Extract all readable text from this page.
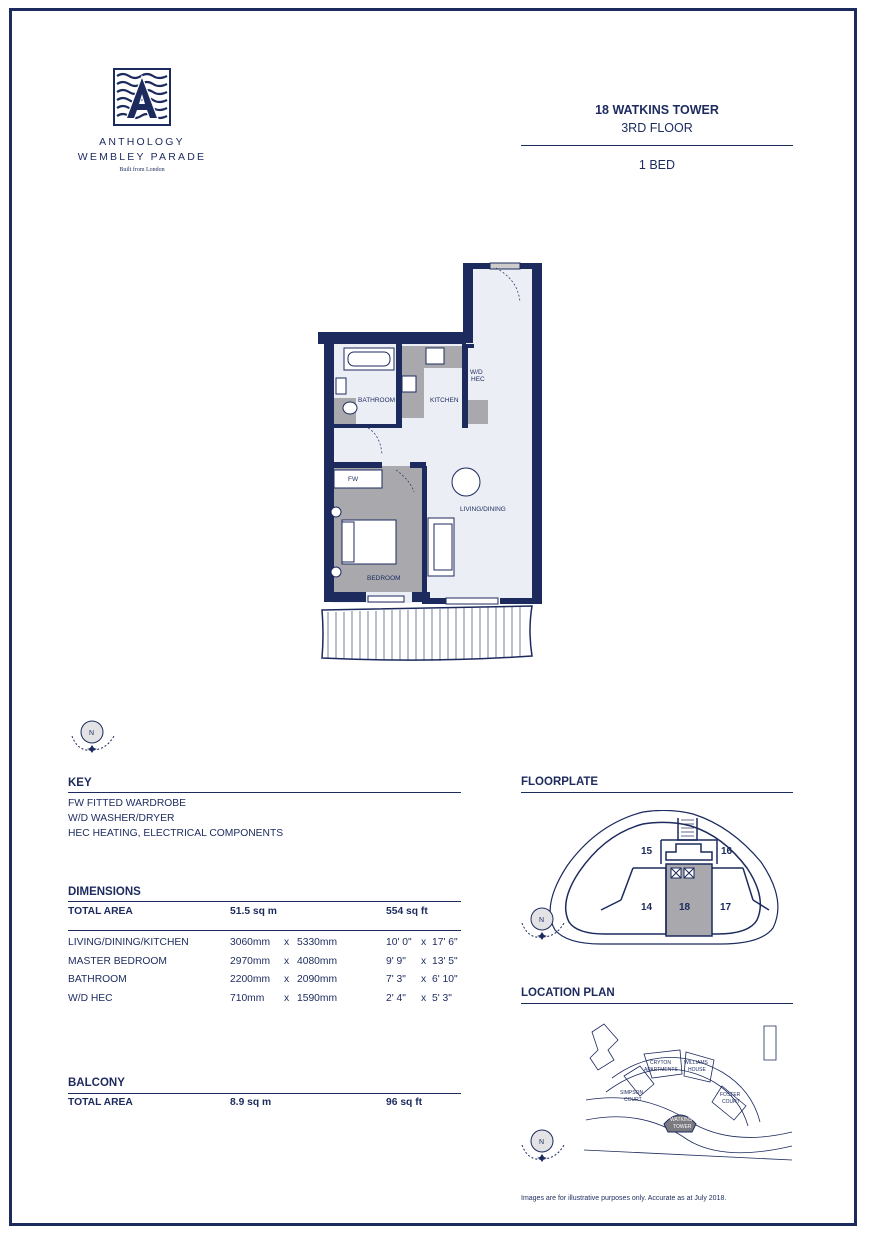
ANTHOLOGY
WEMBLEY PARADE
Built from London
18 WATKINS TOWER
3RD FLOOR
1 BED
BATHROOM	KITCHEN
W/D
HEC
FW
LIVING/DINING
BEDROOM
N
KEY
FW FITTED WARDROBE
W/D WASHER/DRYER
HEC HEATING, ELECTRICAL COMPONENTS
DIMENSIONS
TOTAL AREA	51.5 sq m	554 sq ft
LIVING/DINING/KITCHEN	3060mm x 5330mm	10' 0" x 17' 6"
MASTER BEDROOM	2970mm x 4080mm	9' 9" x 13' 5"
BATHROOM	2200mm x 2090mm	7' 3" x 6' 10"
W/D HEC	710mm x 1590mm	2' 4" x 5' 3"
BALCONY
TOTAL AREA	8.9 sq m	96 sq ft
FLOORPLATE
15	16
14	18	17
N
LOCATION PLAN
CRYTON
APARTMENTS
WILLIAMS
HOUSE
SIMPSON
COURT
FOSTER
COURT
WATKINS
TOWER
N
Images are for illustrative purposes only. Accurate as at July 2018.
